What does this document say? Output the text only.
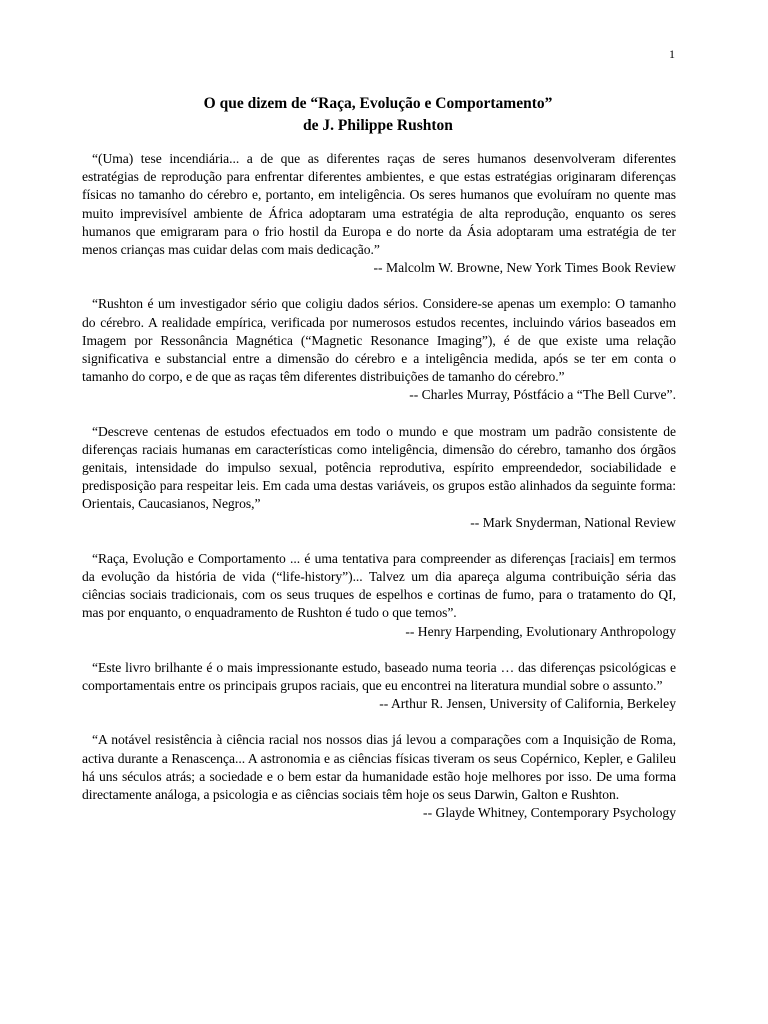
1
O que dizem de “Raça, Evolução e Comportamento”
de J. Philippe Rushton

“(Uma) tese incendiária... a de que as diferentes raças de seres humanos desenvolveram diferentes estratégias de reprodução para enfrentar diferentes ambientes, e que estas estratégias originaram diferenças físicas no tamanho do cérebro e, portanto, em inteligência. Os seres humanos que evoluíram no quente mas muito imprevisível ambiente de África adoptaram uma estratégia de alta reprodução, enquanto os seres humanos que emigraram para o frio hostil da Europa e do norte da Ásia adoptaram uma estratégia de ter menos crianças mas cuidar delas com mais dedicação.”

-- Malcolm W. Browne, New York Times Book Review

“Rushton é um investigador sério que coligiu dados sérios. Considere-se apenas um exemplo: O tamanho do cérebro. A realidade empírica, verificada por numerosos estudos recentes, incluindo vários baseados em Imagem por Ressonância Magnética (“Magnetic Resonance Imaging”), é de que existe uma relação significativa e substancial entre a dimensão do cérebro e a inteligência medida, após se ter em conta o tamanho do corpo, e de que as raças têm diferentes distribuições de tamanho do cérebro.”

-- Charles Murray, Póstfácio a “The Bell Curve”.

“Descreve centenas de estudos efectuados em todo o mundo e que mostram um padrão consistente de diferenças raciais humanas em características como inteligência, dimensão do cérebro, tamanho dos órgãos genitais, intensidade do impulso sexual, potência reprodutiva, espírito empreendedor, sociabilidade e predisposição para respeitar leis. Em cada uma destas variáveis, os grupos estão alinhados da seguinte forma: Orientais, Caucasianos, Negros,”

-- Mark Snyderman, National Review

“Raça, Evolução e Comportamento ... é uma tentativa para compreender as diferenças [raciais] em termos da evolução da história de vida (“life-history”)... Talvez um dia apareça alguma contribuição séria das ciências sociais tradicionais, com os seus truques de espelhos e cortinas de fumo, para o tratamento do QI, mas por enquanto, o enquadramento de Rushton é tudo o que temos”.

-- Henry Harpending, Evolutionary Anthropology

“Este livro brilhante é o mais impressionante estudo, baseado numa teoria … das diferenças psicológicas e comportamentais entre os principais grupos raciais, que eu encontrei na literatura mundial sobre o assunto.”

-- Arthur R. Jensen, University of California, Berkeley

“A notável resistência à ciência racial nos nossos dias já levou a comparações com a Inquisição de Roma, activa durante a Renascença... A astronomia e as ciências físicas tiveram os seus Copérnico, Kepler, e Galileu há uns séculos atrás; a sociedade e o bem estar da humanidade estão hoje melhores por isso. De uma forma directamente análoga, a psicologia e as ciências sociais têm hoje os seus Darwin, Galton e Rushton.

-- Glayde Whitney, Contemporary Psychology
